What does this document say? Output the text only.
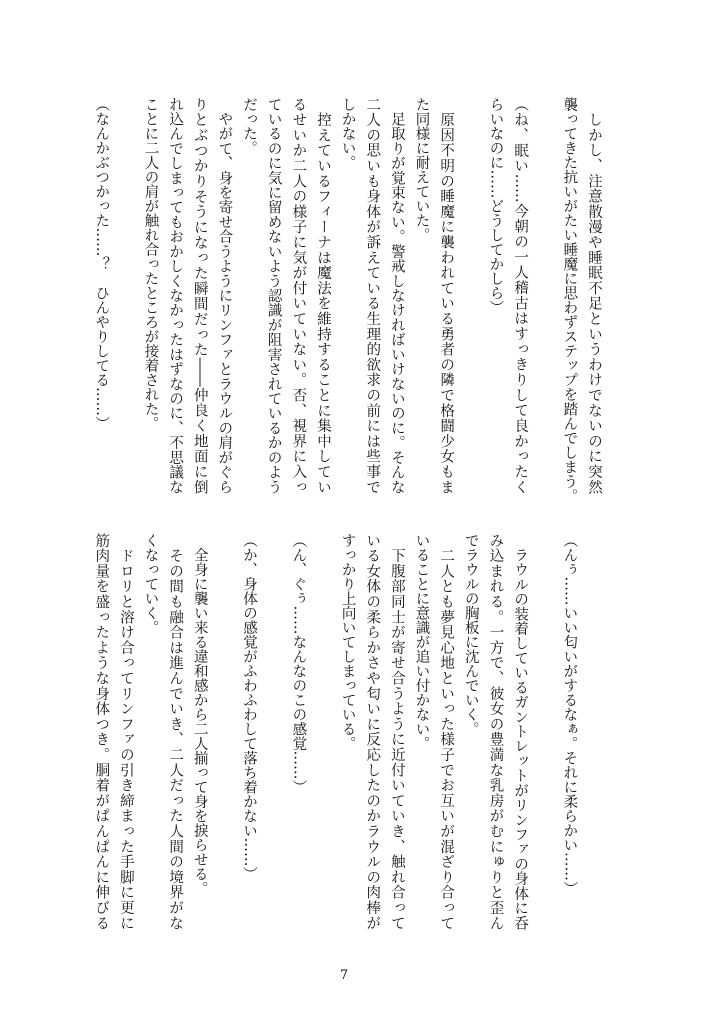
　しかし、注意散漫や睡眠不足というわけでないのに突然
襲ってきた抗いがたい睡魔に思わずステップを踏んでしまう。
（ね、眠い……今朝の一人稽古はすっきりして良かったく
らいなのに……どうしてかしら）
　原因不明の睡魔に襲われている勇者の隣で格闘少女もま
た同様に耐えていた。
　足取りが覚束ない。警戒しなければいけないのに。そんな
二人の思いも身体が訴えている生理的欲求の前には些事で
しかない。
　控えているフィーナは魔法を維持することに集中してい
るせいか二人の様子に気が付いていない。否、視界に入っ
ているのに気に留めないよう認識が阻害されているかのよう
だった。
　やがて、身を寄せ合うようにリンファとラウルの肩がぐら
りとぶつかりそうになった瞬間だった――仲良く地面に倒
れ込んでしまってもおかしくなかったはずなのに、不思議な
ことに二人の肩が触れ合ったところが接着された。
（なんかぶつかった……？　ひんやりしてる……）
（んぅ……いい匂いがするなぁ。それに柔らかい……）
　ラウルの装着しているガントレットがリンファの身体に呑
み込まれる。一方で、彼女の豊満な乳房がむにゅりと歪ん
でラウルの胸板に沈んでいく。
　二人とも夢見心地といった様子でお互いが混ざり合って
いることに意識が追い付かない。
　下腹部同士が寄せ合うように近付いていき、触れ合って
いる女体の柔らかさや匂いに反応したのかラウルの肉棒が
すっかり上向いてしまっている。
（ん、ぐぅ……なんなのこの感覚……）
（か、身体の感覚がふわふわして落ち着かない……）
　全身に襲い来る違和感から二人揃って身を捩らせる。
　その間も融合は進んでいき、二人だった人間の境界がな
くなっていく。
　ドロリと溶け合ってリンファの引き締まった手脚に更に
筋肉量を盛ったような身体つき。胴着がぱんぱんに伸びる
7
